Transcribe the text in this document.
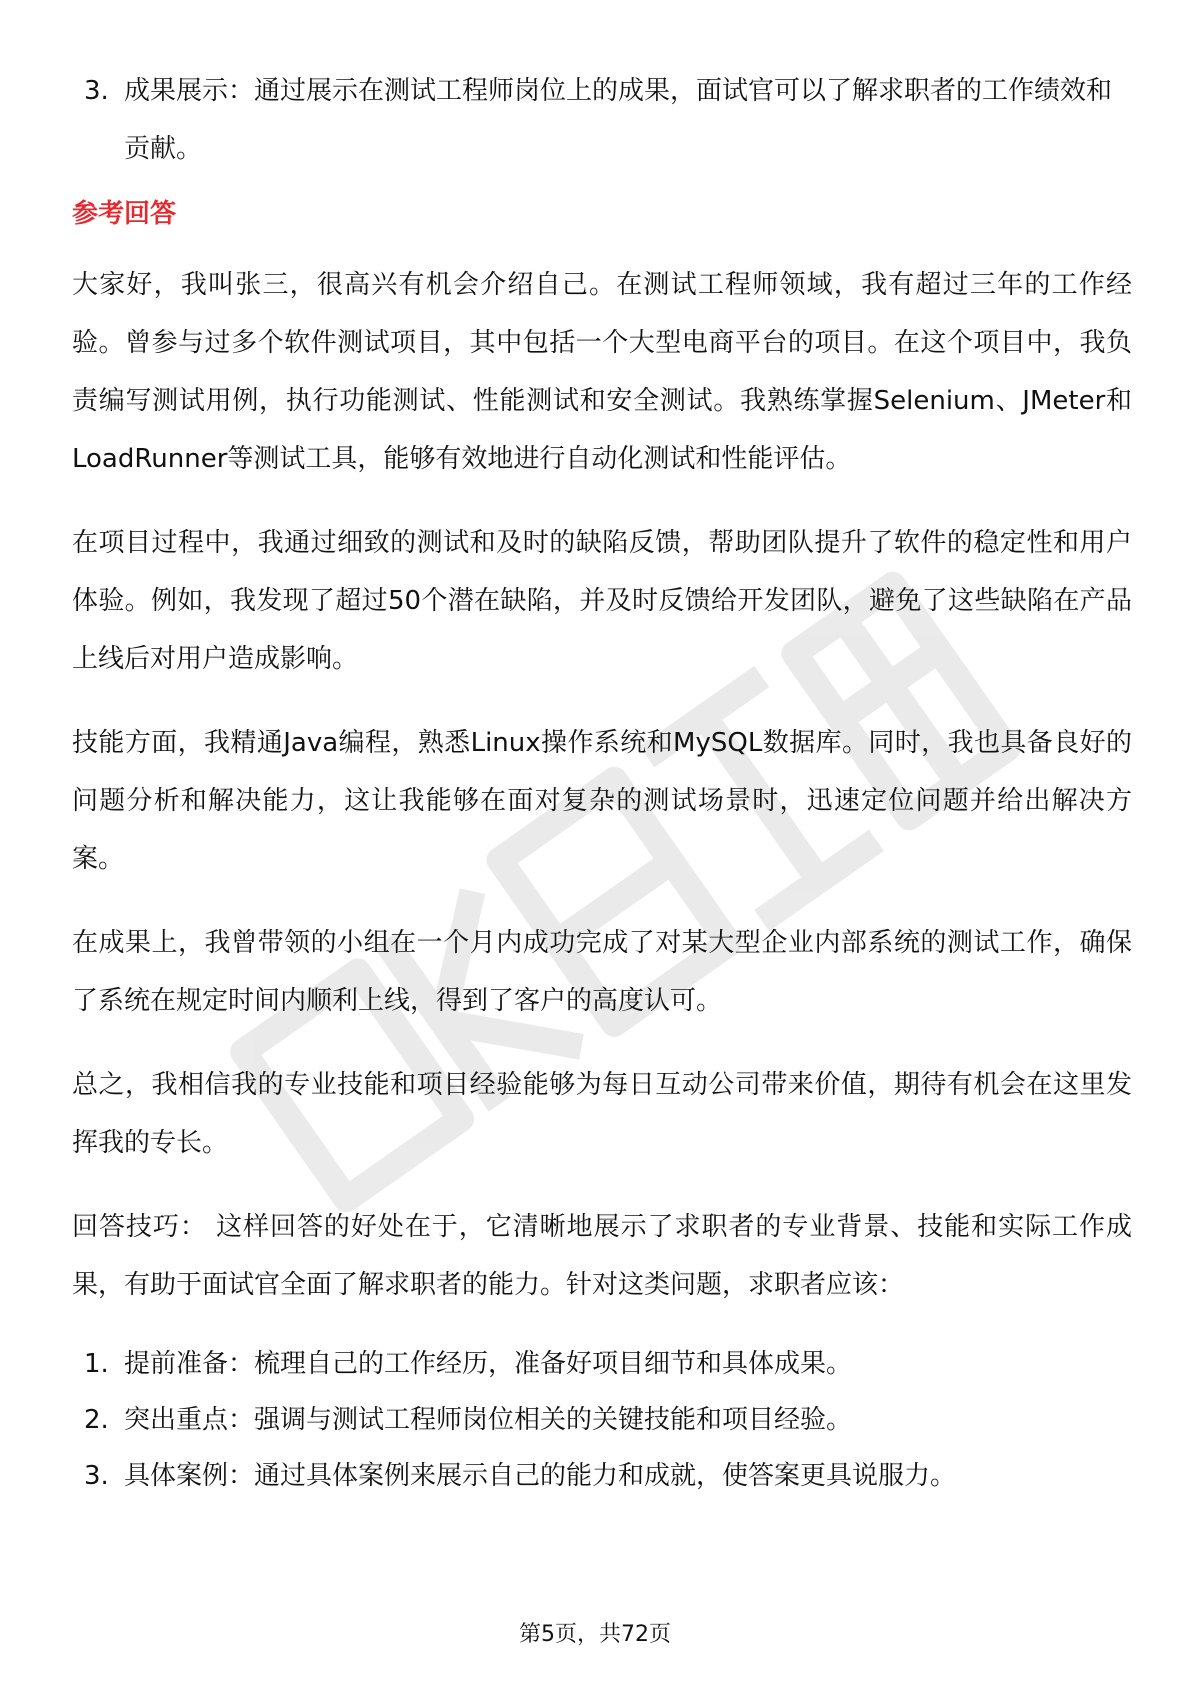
3. 成果展示：通过展示在测试工程师岗位上的成果，面试官可以了解求职者的工作绩效和贡献。
参考回答

大家好，我叫张三，很高兴有机会介绍自己。在测试工程师领域，我有超过三年的工作经验。曾参与过多个软件测试项目，其中包括一个大型电商平台的项目。在这个项目中，我负责编写测试用例，执行功能测试、性能测试和安全测试。我熟练掌握Selenium、JMeter和LoadRunner等测试工具，能够有效地进行自动化测试和性能评估。

在项目过程中，我通过细致的测试和及时的缺陷反馈，帮助团队提升了软件的稳定性和用户体验。例如，我发现了超过50个潜在缺陷，并及时反馈给开发团队，避免了这些缺陷在产品上线后对用户造成影响。

技能方面，我精通Java编程，熟悉Linux操作系统和MySQL数据库。同时，我也具备良好的问题分析和解决能力，这让我能够在面对复杂的测试场景时，迅速定位问题并给出解决方案。

在成果上，我曾带领的小组在一个月内成功完成了对某大型企业内部系统的测试工作，确保了系统在规定时间内顺利上线，得到了客户的高度认可。

总之，我相信我的专业技能和项目经验能够为每日互动公司带来价值，期待有机会在这里发挥我的专长。

回答技巧： 这样回答的好处在于，它清晰地展示了求职者的专业背景、技能和实际工作成果，有助于面试官全面了解求职者的能力。针对这类问题，求职者应该：

1. 提前准备：梳理自己的工作经历，准备好项目细节和具体成果。
2. 突出重点：强调与测试工程师岗位相关的关键技能和项目经验。
3. 具体案例：通过具体案例来展示自己的能力和成就，使答案更具说服力。
第5页，共72页
